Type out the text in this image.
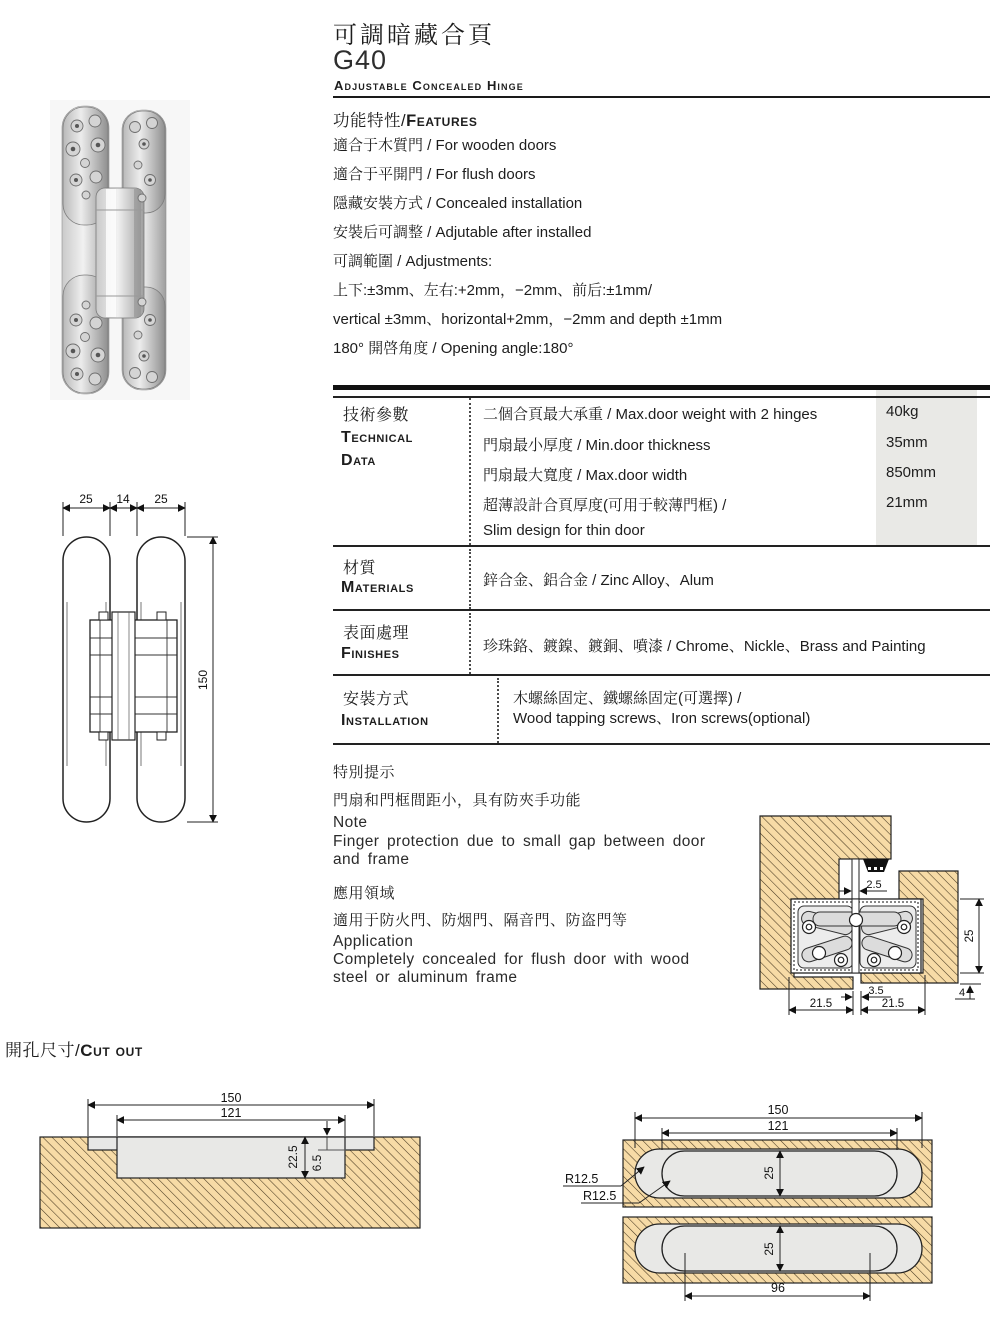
可調暗藏合頁
G40
Adjustable Concealed Hinge
功能特性/Features
適合于木質門 / For wooden doors
適合于平開門 / For flush doors
隱藏安裝方式 / Concealed installation
安裝后可調整 / Adjutable after installed
可調範圍 / Adjustments:
上下:±3mm、左右:+2mm，−2mm、前后:±1mm/
vertical ±3mm、horizontal+2mm，−2mm and depth ±1mm
180° 開啓角度 / Opening angle:180°
技術參數
Technical
Data
二個合頁最大承重 / Max.door weight with 2 hinges	40kg
門扇最小厚度 / Min.door thickness	35mm
門扇最大寬度 / Max.door width	850mm
超薄設計合頁厚度(可用于較薄門框) /	21mm
Slim design for thin door
材質
Materials	鋅合金、鋁合金 / Zinc Alloy、Alum
表面處理
Finishes	珍珠鉻、鍍鎳、鍍銅、噴漆 / Chrome、Nickle、Brass and Painting
安裝方式
Installation
木螺絲固定、鐵螺絲固定(可選擇) /
Wood tapping screws、Iron screws(optional)
特別提示
門扇和門框間距小，具有防夾手功能
Note
Finger protection due to small gap between door
and frame
應用領域
適用于防火門、防烟門、隔音門、防盗門等
Application
Completely concealed for flush door with wood
steel or aluminum frame
25 14 25
150
2.5
25
3.5
21.5	21.5
4
開孔尺寸/Cut out
150
121
22.5 6.5
150
121
25
R12.5
R12.5
25
96
